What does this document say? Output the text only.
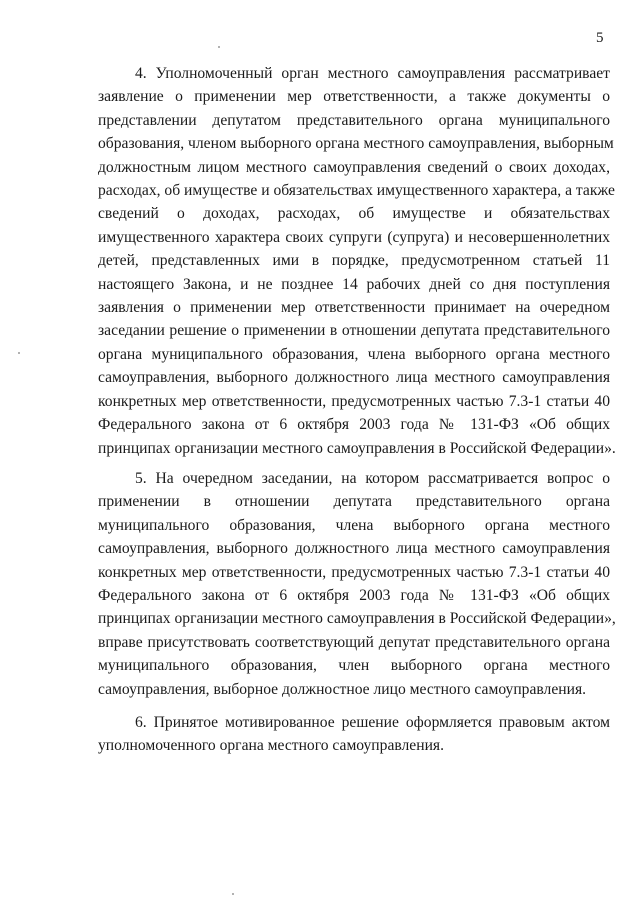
5
4. Уполномоченный орган местного самоуправления рассматривает
заявление о применении мер ответственности, а также документы о
представлении депутатом представительного органа муниципального
образования, членом выборного органа местного самоуправления, выборным
должностным лицом местного самоуправления сведений о своих доходах,
расходах, об имуществе и обязательствах имущественного характера, а также
сведений о доходах, расходах, об имуществе и обязательствах
имущественного характера своих супруги (супруга) и несовершеннолетних
детей, представленных ими в порядке, предусмотренном статьей 11
настоящего Закона, и не позднее 14 рабочих дней со дня поступления
заявления о применении мер ответственности принимает на очередном
заседании решение о применении в отношении депутата представительного
органа муниципального образования, члена выборного органа местного
самоуправления, выборного должностного лица местного самоуправления
конкретных мер ответственности, предусмотренных частью 7.3-1 статьи 40
Федерального закона от 6 октября 2003 года № 131-ФЗ «Об общих
принципах организации местного самоуправления в Российской Федерации».
5. На очередном заседании, на котором рассматривается вопрос о
применении в отношении депутата представительного органа
муниципального образования, члена выборного органа местного
самоуправления, выборного должностного лица местного самоуправления
конкретных мер ответственности, предусмотренных частью 7.3-1 статьи 40
Федерального закона от 6 октября 2003 года № 131-ФЗ «Об общих
принципах организации местного самоуправления в Российской Федерации»,
вправе присутствовать соответствующий депутат представительного органа
муниципального образования, член выборного органа местного
самоуправления, выборное должностное лицо местного самоуправления.
6. Принятое мотивированное решение оформляется правовым актом
уполномоченного органа местного самоуправления.
